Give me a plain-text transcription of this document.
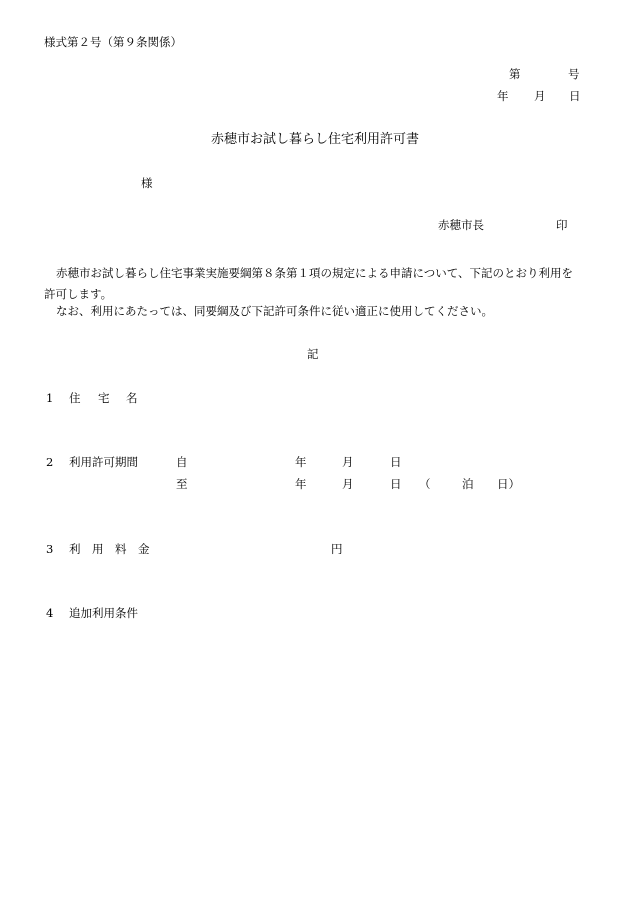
様式第２号（第９条関係）
第	号
年 月 日
赤穂市お試し暮らし住宅利用許可書
様
赤穂市長	印
赤穂市お試し暮らし住宅事業実施要綱第８条第１項の規定による申請について、下記のとおり利用を許可します。
なお、利用にあたっては、同要綱及び下記許可条件に従い適正に使用してください。
記
1 住 宅 名
2 利用許可期間	自	年	月	日
至	年	月	日 （	泊 日）
3 利　用　料　金	円
4 追加利用条件
